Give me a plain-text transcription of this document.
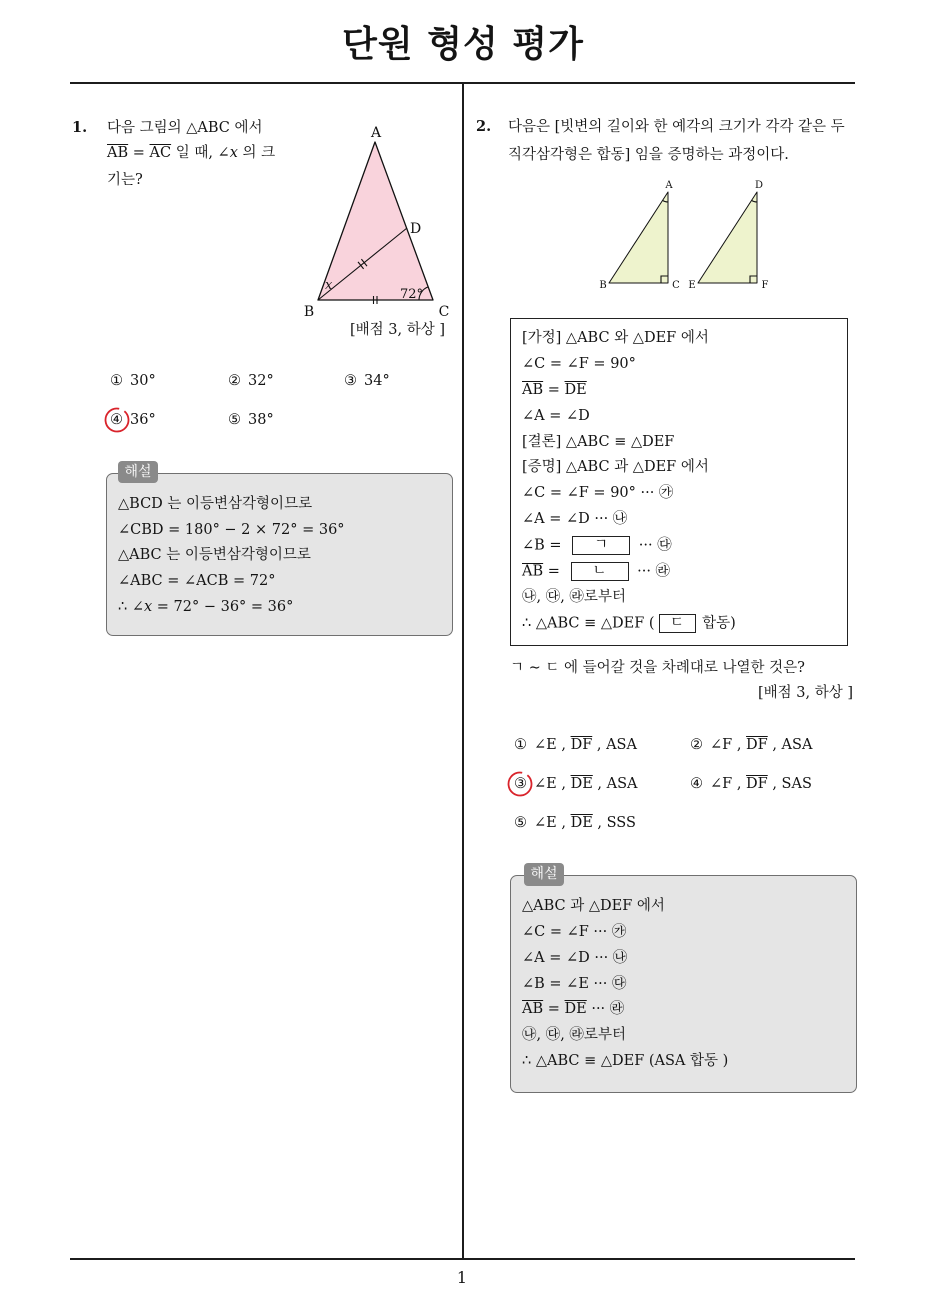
단원 형성 평가
1
1. 다음 그림의 △ABC 에서
$\overline{AB} = \overline{AC}$ 일 때, ∠x 의 크
기는?
A
D
B	C
x
72°
[배점 3, 하상 ]
① 30°	② 32°	③ 34°
④ 36°	⑤ 38°
해설
△BCD 는 이등변삼각형이므로
∠CBD = 180° − 2 × 72° = 36°
△ABC 는 이등변삼각형이므로
∠ABC = ∠ACB = 72°
∴ ∠x = 72° − 36° = 36°
2. 다음은 [빗변의 길이와 한 예각의 크기가 각각 같은 두
직각삼각형은 합동] 임을 증명하는 과정이다.
A
B	C
D
E	F
[가정] △ABC 와 △DEF 에서
∠C = ∠F = 90°
$\overline{AB} = \overline{DE}$
∠A = ∠D
[결론] △ABC ≡ △DEF
[증명] △ABC 과 △DEF 에서
∠C = ∠F = 90° ··· ㉮
∠A = ∠D ··· ㉯
∠B = ㄱ ··· ㉰
$\overline{AB}$ = ㄴ ··· ㉱
㉯, ㉰, ㉱로부터
∴ △ABC ≡ △DEF ( ㄷ 합동)
ㄱ ∼ ㄷ 에 들어갈 것을 차례대로 나열한 것은?
[배점 3, 하상 ]
① ∠E , $\overline{DF}$ , ASA	② ∠F , $\overline{DF}$ , ASA
③ ∠E , $\overline{DE}$ , ASA	④ ∠F , $\overline{DF}$ , SAS
⑤ ∠E , $\overline{DE}$ , SSS
해설
△ABC 과 △DEF 에서
∠C = ∠F ··· ㉮
∠A = ∠D ··· ㉯
∠B = ∠E ··· ㉰
$\overline{AB} = \overline{DE}$ ··· ㉱
㉯, ㉰, ㉱로부터
∴ △ABC ≡ △DEF (ASA 합동 )
